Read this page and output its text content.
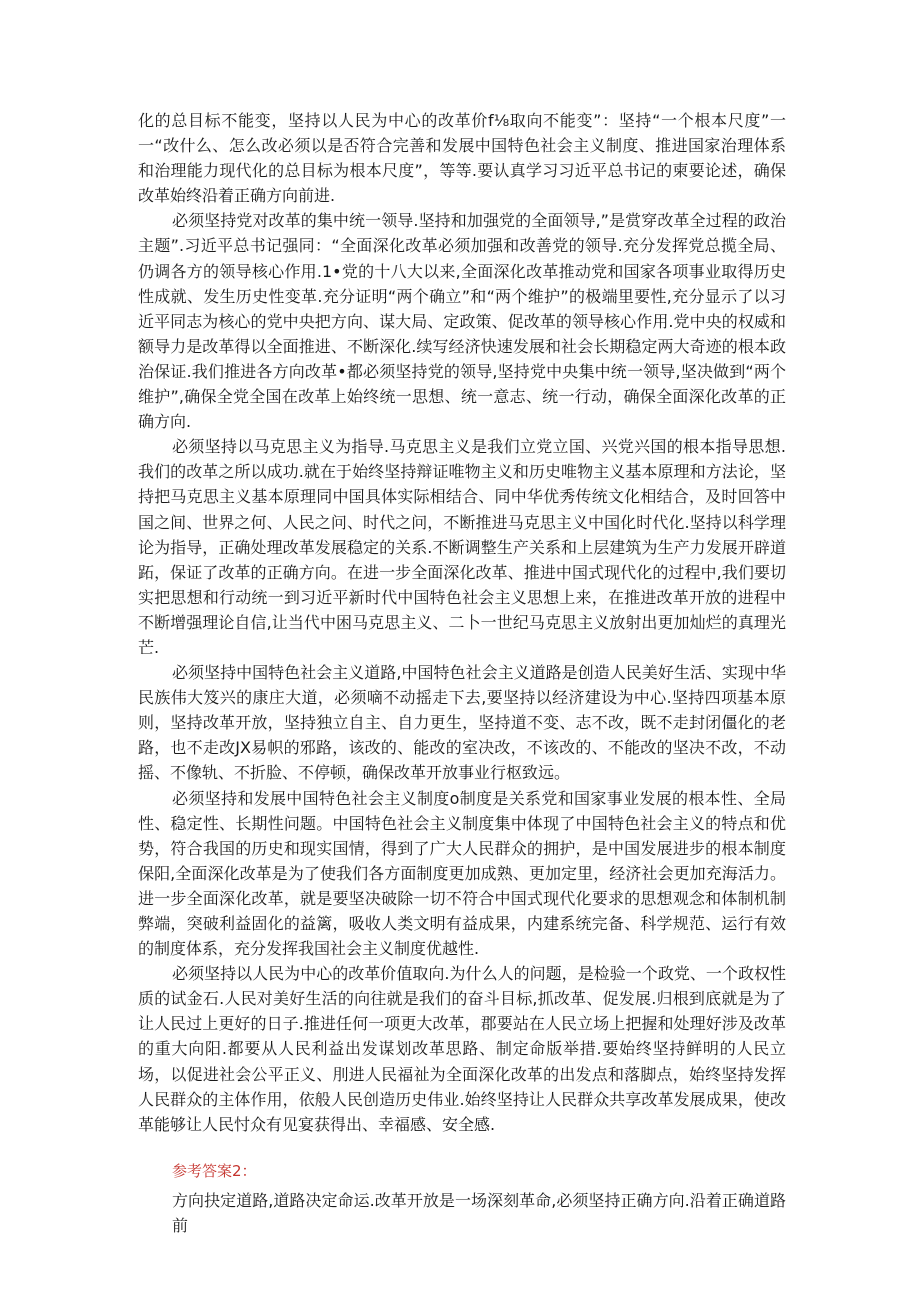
化的总目标不能变，坚持以人民为中心的改革价f⅛取向不能变”：坚持“一个根本尺度”一一“改什么、怎么改必须以是否符合完善和发展中国特色社会主义制度、推进国家治理体系和治理能力现代化的总目标为根本尺度”，等等.要认真学习习近平总书记的柬要论述，确保改革始终沿着正确方向前进.

必须坚持党对改革的集中统一领导.坚持和加强党的全面领导,”是赏穿改革全过程的政治主题”.习近平总书记强同：“全面深化改革必须加强和改善党的领导.充分发挥党总揽全局、仍调各方的领导核心作用.1•党的十八大以来,全面深化改革推动党和国家各项事业取得历史性成就、发生历史性变革.充分证明“两个确立”和“两个维护”的极端里要性,充分显示了以习近平同志为核心的党中央把方向、谋大局、定政策、促改革的领导核心作用.党中央的权威和额导力是改革得以全面推进、不断深化.续写经济快速发展和社会长期稳定两大奇迹的根本政治保证.我们推进各方向改革•都必须坚持党的领导,坚持党中央集中统一领导,坚决做到“两个维护”,确保全党全国在改革上始终统一思想、统一意志、统一行动，确保全面深化改革的正确方向.

必须坚持以马克思主义为指导.马克思主义是我们立党立国、兴党兴国的根本指导思想.我们的改革之所以成功.就在于始终坚持辩证唯物主义和历史唯物主义基本原理和方法论，坚持把马克思主义基本原理同中国具体实际相结合、同中华优秀传统文化相结合，及时回答中国之间、世界之何、人民之问、时代之问，不断推进马克思主义中国化时代化.坚持以科学理论为指导，正确处理改革发展稳定的关系.不断调整生产关系和上层建筑为生产力发展开辟道跖，保证了改革的正确方向。在进一步全面深化改革、推进中国式现代化的过程中,我们要切实把思想和行动统一到习近平新时代中国特色社会主义思想上来，在推进改革开放的进程中不断增强理论自信,让当代中困马克思主义、二卜一世纪马克思主义放射出更加灿烂的真理光芒.

必须坚持中国特色社会主义道路,中国特色社会主义道路是创造人民美好生活、实现中华民族伟大笈兴的康庄大道，必须嘀不动摇走下去,要坚持以经济建设为中心.坚持四项基本原则，坚持改革开放，坚持独立自主、自力更生，坚持道不变、志不改，既不走封闭僵化的老路，也不走改JX易帜的邪路，该改的、能改的室决改，不该改的、不能改的坚决不改，不动摇、不像轨、不折脸、不停顿，确保改革开放事业行枢致远。

必须坚持和发展中国特色社会主义制度o制度是关系党和国家事业发展的根本性、全局性、稳定性、长期性问题。中国特色社会主义制度集中体现了中国特色社会主义的特点和优势，符合我国的历史和现实国情，得到了广大人民群众的拥护，是中国发展进步的根本制度保阳,全面深化改革是为了使我们各方面制度更加成熟、更加定里，经济社会更加充海活力。进一步全面深化改革，就是要坚决破除一切不符合中国式现代化要求的思想观念和体制机制弊端，突破利益固化的益篱，吸收人类文明有益成果，内建系统完备、科学规范、运行有效的制度体系，充分发挥我国社会主义制度优越性.

必须坚持以人民为中心的改革价值取向.为什么人的问题，是检验一个政党、一个政权性质的试金石.人民对美好生活的向往就是我们的奋斗目标,抓改革、促发展.归根到底就是为了让人民过上更好的日子.推进任何一项更大改革，郡要站在人民立场上把握和处理好涉及改革的重大向阳.都要从人民利益出发谋划改革思路、制定命版举措.要始终坚持鲜明的人民立场，以促进社会公平正义、刖进人民福祉为全面深化改革的出发点和落脚点，始终坚持发挥人民群众的主体作用，依般人民创造历史伟业.始终坚持让人民群众共享改革发展成果，使改革能够让人民忖众有见宴获得出、幸福感、安全感.

参考答案2：

方向抉定道路,道路决定命运.改革开放是一场深刻革命,必须坚持正确方向.沿着正确道路前
